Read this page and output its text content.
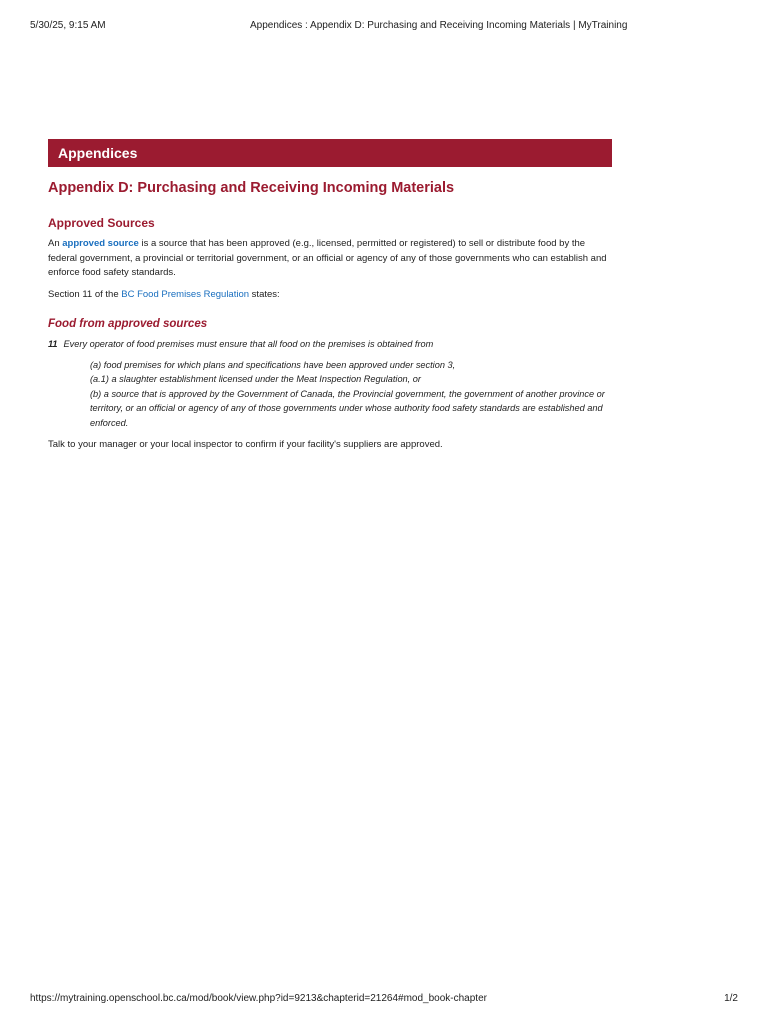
5/30/25, 9:15 AM	Appendices : Appendix D: Purchasing and Receiving Incoming Materials | MyTraining
Appendices
Appendix D: Purchasing and Receiving Incoming Materials
Approved Sources

An approved source is a source that has been approved (e.g., licensed, permitted or registered) to sell or distribute food by the federal government, a provincial or territorial government, or an official or agency of any of those governments who can establish and enforce food safety standards.

Section 11 of the BC Food Premises Regulation states:

Food from approved sources
11 Every operator of food premises must ensure that all food on the premises is obtained from
(a) food premises for which plans and specifications have been approved under section 3,
(a.1) a slaughter establishment licensed under the Meat Inspection Regulation, or
(b) a source that is approved by the Government of Canada, the Provincial government, the government of another province or territory, or an official or agency of any of those governments under whose authority food safety standards are established and enforced.

Talk to your manager or your local inspector to confirm if your facility's suppliers are approved.

https://mytraining.openschool.bc.ca/mod/book/view.php?id=9213&chapterid=21264#mod_book-chapter	1/2
